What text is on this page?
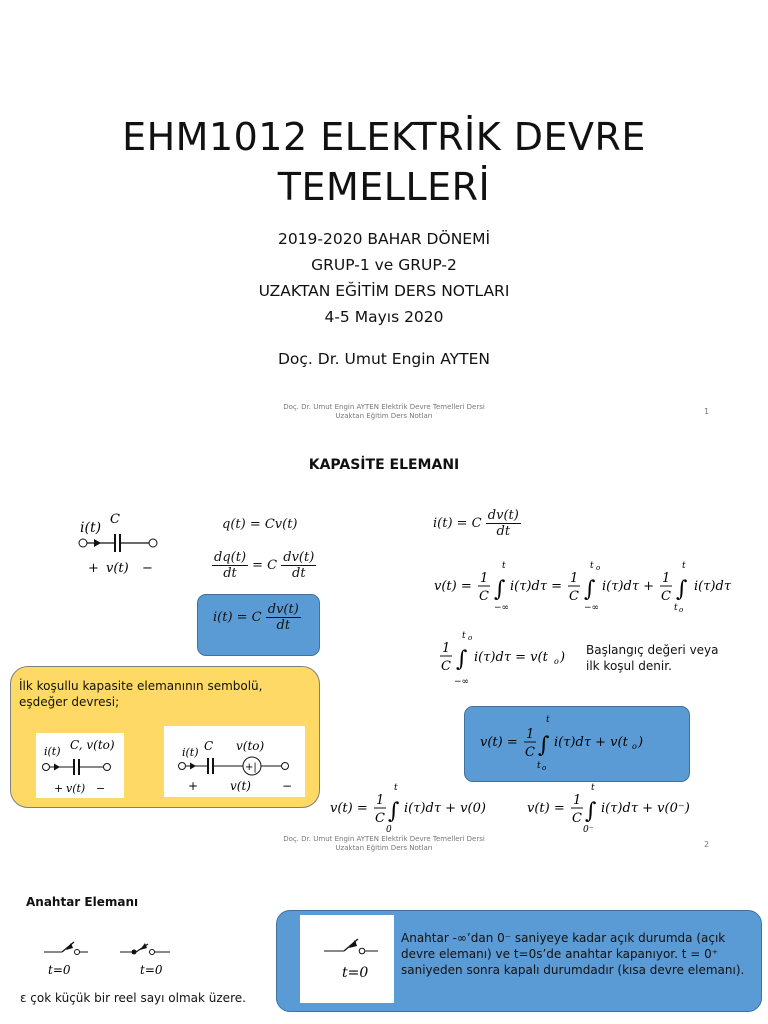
EHM1012 ELEKTRİK DEVRE
TEMELLERİ
2019-2020 BAHAR DÖNEMİ
GRUP-1 ve GRUP-2
UZAKTAN EĞİTİM DERS NOTLARI
4-5 Mayıs 2020
Doç. Dr. Umut Engin AYTEN
Doç. Dr. Umut Engin AYTEN Elektrik Devre Temelleri Dersi
Uzaktan Eğitim Ders Notları	1
KAPASİTE ELEMANI
i(t)
C
+ v(t) −
q(t) = Cv(t)
$\frac{dq(t)}{dt} = C \frac{dv(t)}{dt}$
i(t) = C $\frac{dv(t)}{dt}$
i(t) = C $\frac{dv(t)}{dt}$
v(t) =
1
C ∫
t
−∞
i(τ)dτ =
1
C ∫
t o
−∞
i(τ)dτ +
1
C ∫
t
t o
i(τ)dτ
1
C ∫
t o
−∞
i(τ)dτ = v(t o ) Başlangıç değeri veya
ilk koşul denir.
İlk koşullu kapasite elemanının sembolü, eşdeğer devresi;
i(t) C, v(to)
+ v(t) −
i(t) C v(to)
+|
+	v(t)	−
v(t) =
1
C ∫
t
t o
i(τ)dτ + v(t o )
v(t) =
1
C ∫
t
0
i(τ)dτ + v(0)	v(t) =
1
C ∫
t
0⁻
i(τ)dτ + v(0⁻)
Doç. Dr. Umut Engin AYTEN Elektrik Devre Temelleri Dersi
Uzaktan Eğitim Ders Notları	2
Anahtar Elemanı
t=0	t=0
ε çok küçük bir reel sayı olmak üzere.
t=0
Anahtar -∞’dan 0⁻ saniyeye kadar açık durumda (açık devre elemanı) ve t=0s’de anahtar kapanıyor. t = 0⁺ saniyeden sonra kapalı durumdadır (kısa devre elemanı).
